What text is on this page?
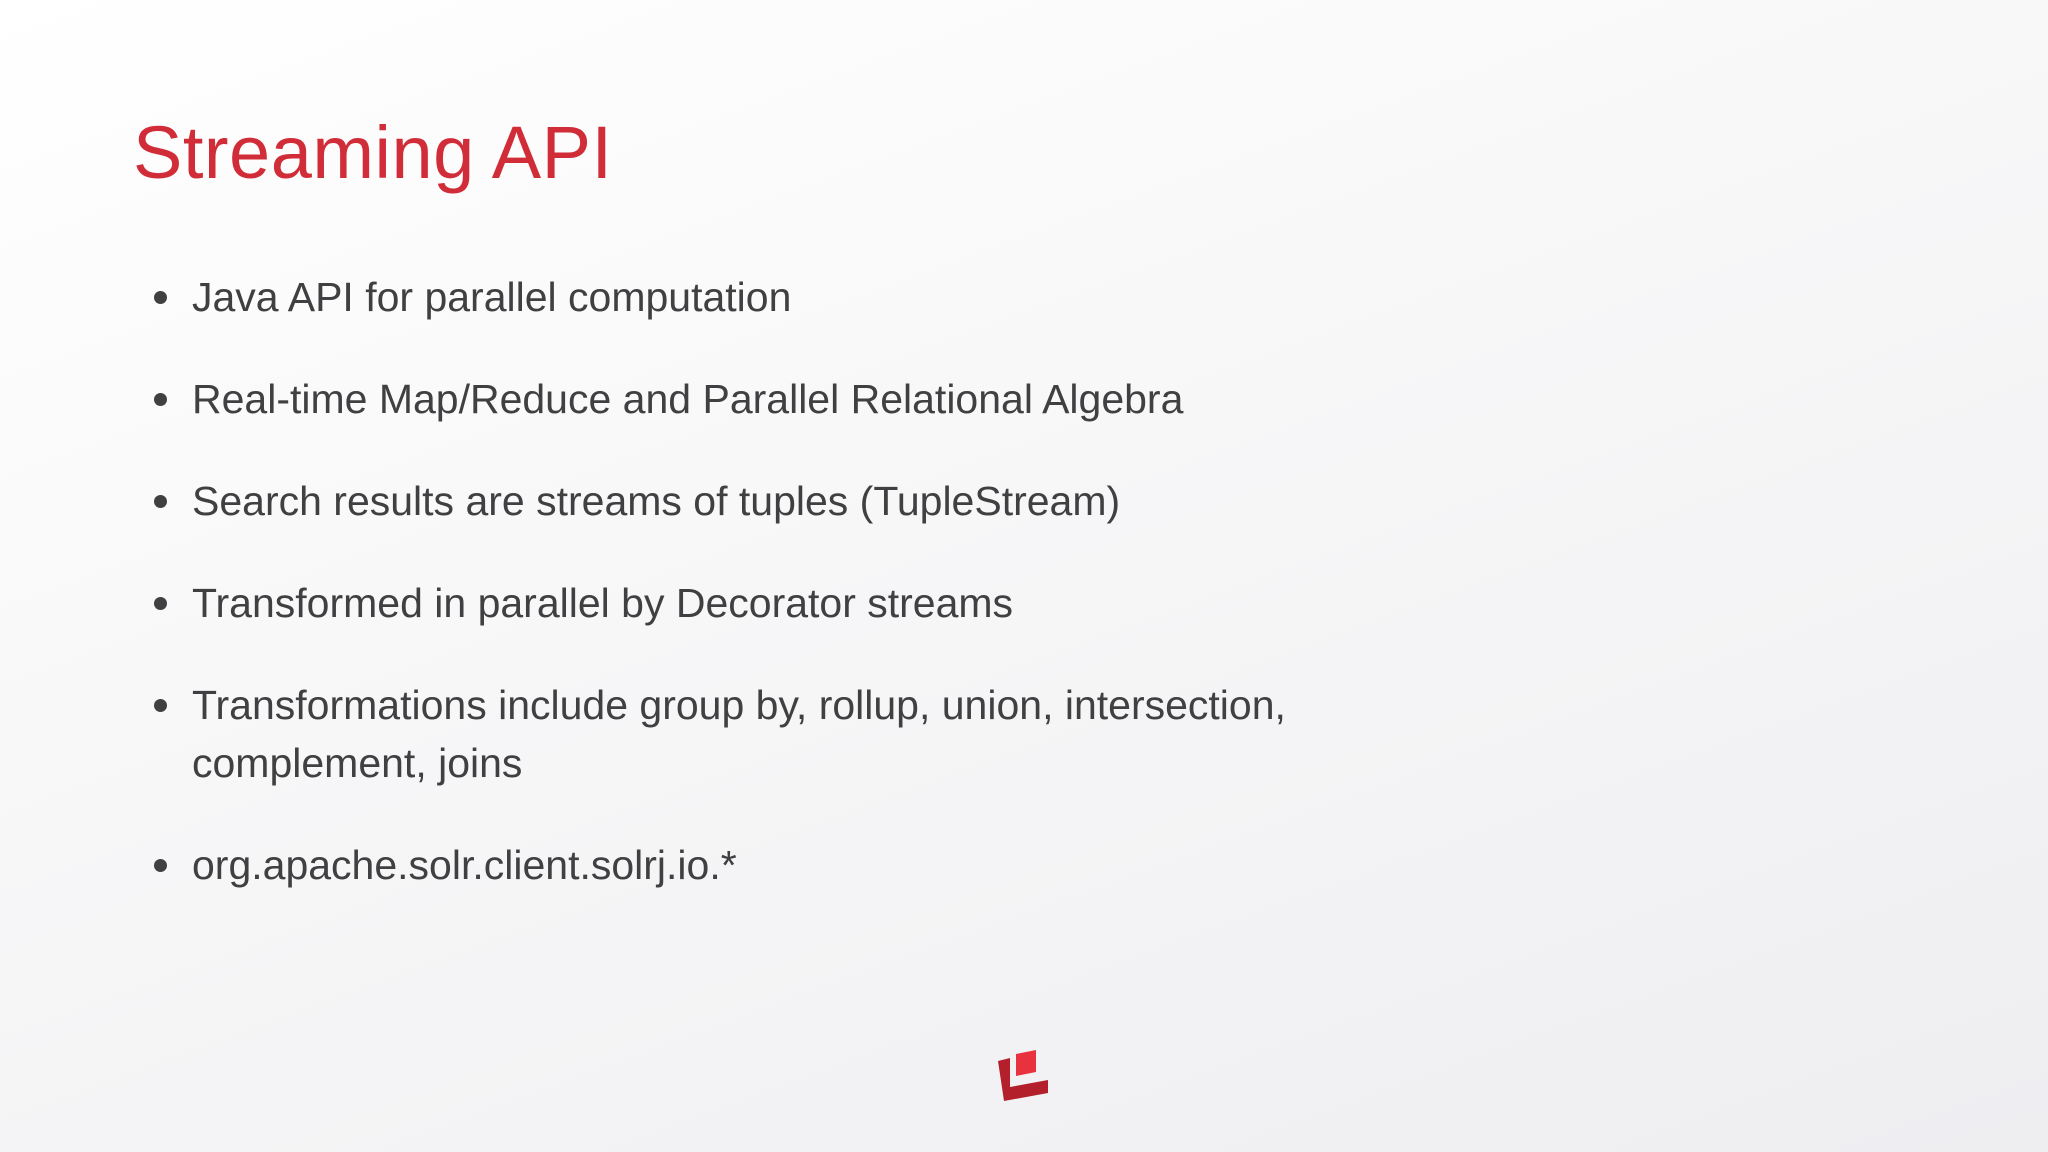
Streaming API
Java API for parallel computation
Real-time Map/Reduce and Parallel Relational Algebra
Search results are streams of tuples (TupleStream)
Transformed in parallel by Decorator streams
Transformations include group by, rollup, union, intersection, complement, joins
org.apache.solr.client.solrj.io.*
